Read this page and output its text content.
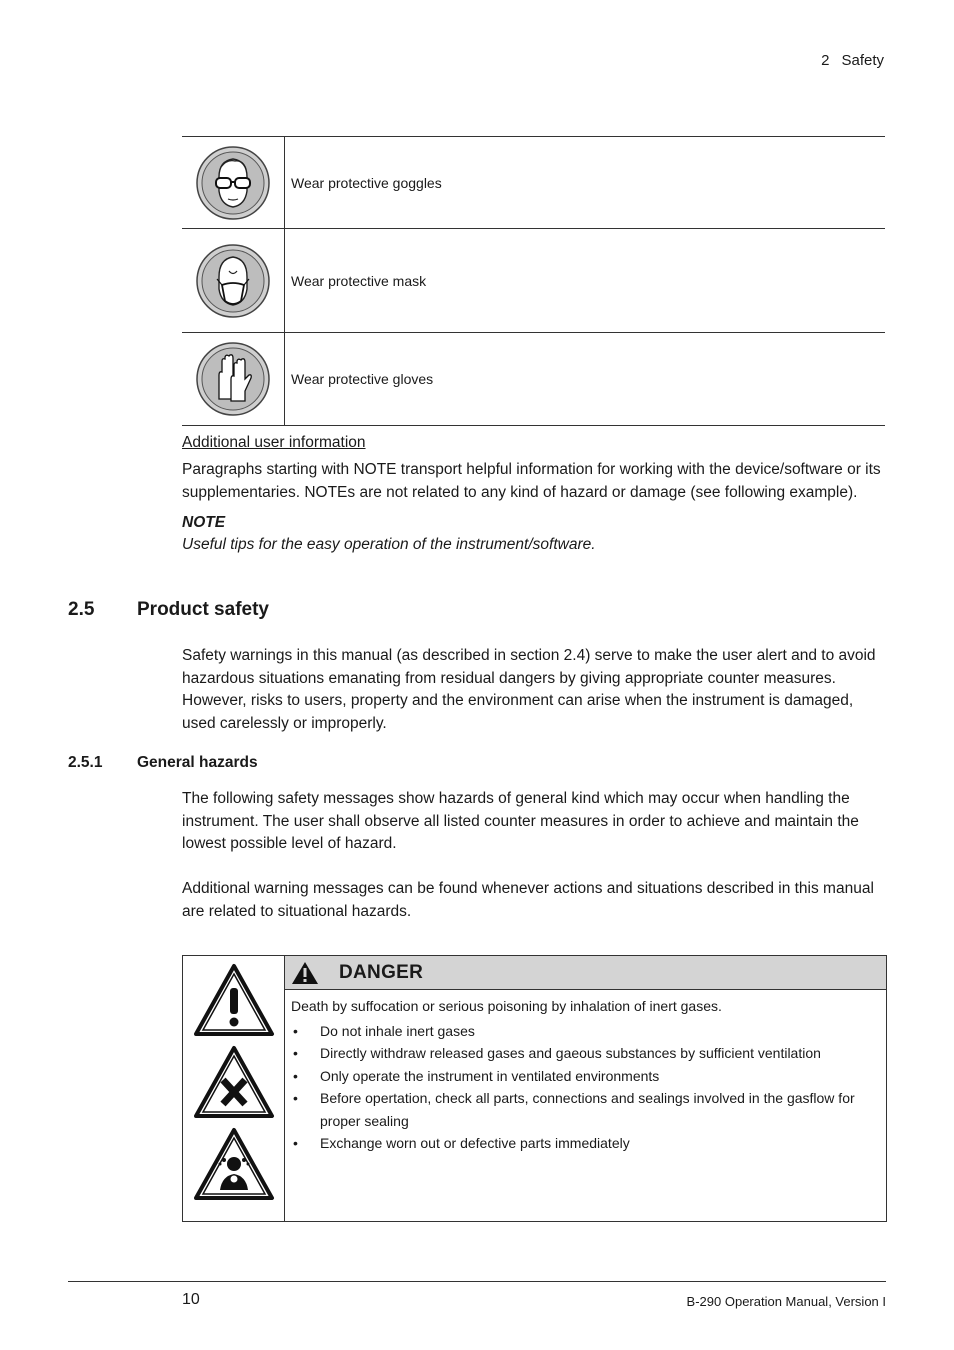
2 Safety
Wear protective goggles
Wear protective mask
Wear protective gloves
Additional user information
Paragraphs starting with NOTE transport helpful information for working with the device/software or its supplementaries. NOTEs are not related to any kind of hazard or damage (see following example).
NOTE
Useful tips for the easy operation of the instrument/software.
2.5 Product safety
Safety warnings in this manual (as described in section 2.4) serve to make the user alert and to avoid hazardous situations emanating from residual dangers by giving appropriate counter measures. However, risks to users, property and the environment can arise when the instrument is damaged, used carelessly or improperly.
2.5.1 General hazards
The following safety messages show hazards of general kind which may occur when handling the instrument. The user shall observe all listed counter measures in order to achieve and maintain the lowest possible level of hazard.
Additional warning messages can be found whenever actions and situations described in this manual are related to situational hazards.
DANGER
Death by suffocation or serious poisoning by inhalation of inert gases.
• Do not inhale inert gases
• Directly withdraw released gases and gaeous substances by sufficient ventilation
• Only operate the instrument in ventilated environments
• Before opertation, check all parts, connections and sealings involved in the gasflow for proper sealing
• Exchange worn out or defective parts immediately
10	B-290 Operation Manual, Version I
